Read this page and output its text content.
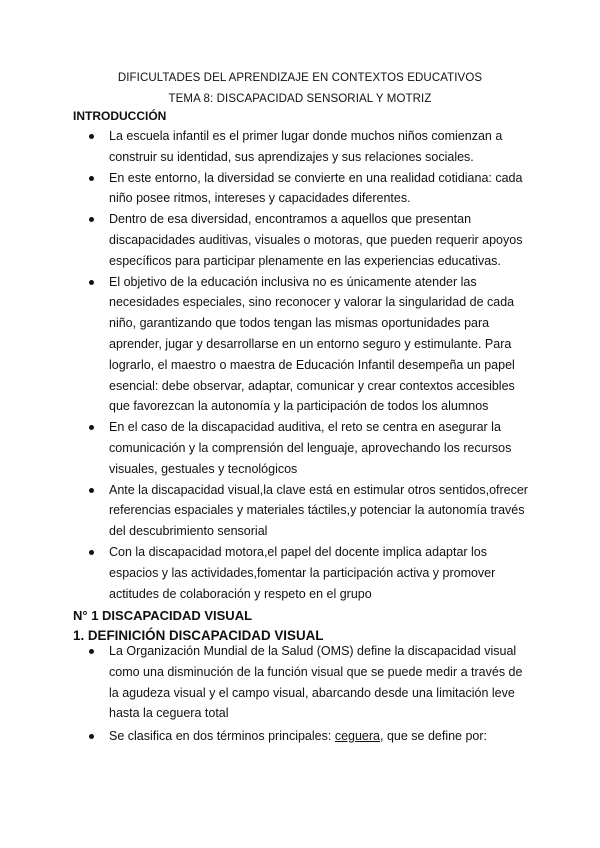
DIFICULTADES DEL APRENDIZAJE EN CONTEXTOS EDUCATIVOS
TEMA 8: DISCAPACIDAD SENSORIAL Y MOTRIZ
INTRODUCCIÓN
La escuela infantil es el primer lugar donde muchos niños comienzan a construir su identidad, sus aprendizajes y sus relaciones sociales.
En este entorno, la diversidad se convierte en una realidad cotidiana: cada niño posee ritmos, intereses y capacidades diferentes.
Dentro de esa diversidad, encontramos a aquellos que presentan discapacidades auditivas, visuales o motoras, que pueden requerir apoyos específicos para participar plenamente en las experiencias educativas.
El objetivo de la educación inclusiva no es únicamente atender las necesidades especiales, sino reconocer y valorar la singularidad de cada niño, garantizando que todos tengan las mismas oportunidades para aprender, jugar y desarrollarse en un entorno seguro y estimulante. Para lograrlo, el maestro o maestra de Educación Infantil desempeña un papel esencial: debe observar, adaptar, comunicar y crear contextos accesibles que favorezcan la autonomía y la participación de todos los alumnos
En el caso de la discapacidad auditiva, el reto se centra en asegurar la comunicación y la comprensión del lenguaje, aprovechando los recursos visuales, gestuales y tecnológicos
Ante la discapacidad visual,la clave está en estimular otros sentidos,ofrecer referencias espaciales y materiales táctiles,y potenciar la autonomía través del descubrimiento sensorial
Con la discapacidad motora,el papel del docente implica adaptar los espacios y las actividades,fomentar la participación activa y promover actitudes de colaboración y respeto en el grupo
N° 1 DISCAPACIDAD VISUAL
1. DEFINICIÓN DISCAPACIDAD VISUAL
La Organización Mundial de la Salud (OMS) define la discapacidad visual como una disminución de la función visual que se puede medir a través de la agudeza visual y el campo visual, abarcando desde una limitación leve hasta la ceguera total
Se clasifica en dos términos principales: ceguera, que se define por:
